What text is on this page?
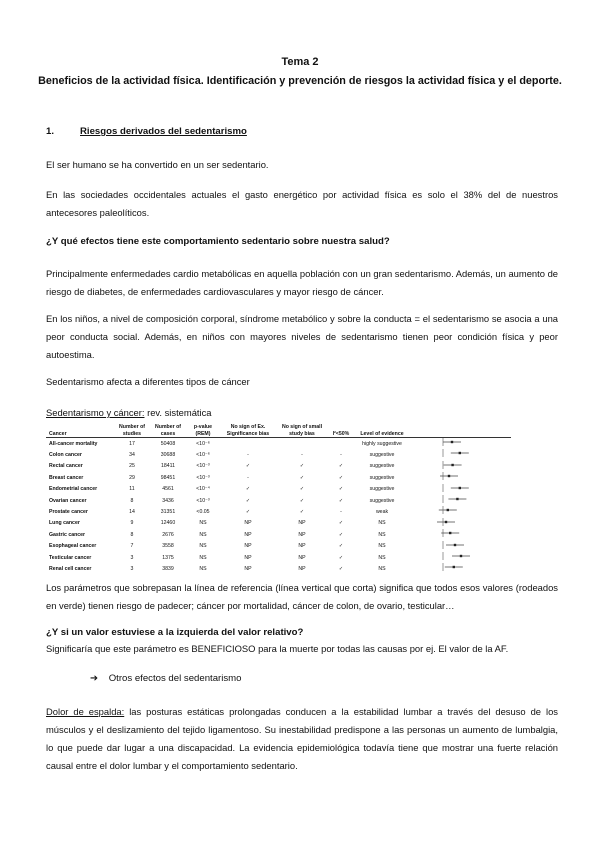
Tema 2
Beneficios de la actividad física. Identificación y prevención de riesgos la actividad física y el deporte.
1.	Riesgos derivados del sedentarismo
El ser humano se ha convertido en un ser sedentario.
En las sociedades occidentales actuales el gasto energético por actividad física es solo el 38% del de nuestros antecesores paleolíticos.
¿Y qué efectos tiene este comportamiento sedentario sobre nuestra salud?
Principalmente enfermedades cardio metabólicas en aquella población con un gran sedentarismo. Además, un aumento de riesgo de diabetes, de enfermedades cardiovasculares y mayor riesgo de cáncer.
En los niños, a nivel de composición corporal, síndrome metabólico y sobre la conducta = el sedentarismo se asocia a una peor conducta social. Además, en niños con mayores niveles de sedentarismo tienen peor condición física y peor autoestima.
Sedentarismo afecta a diferentes tipos de cáncer
Sedentarismo y cáncer: rev. sistemática
Cancer	Number of studies	Number of cases	p-value (REM)	No sign of Ex. Significance bias	No sign of small study bias	I²<50%	Level of evidence	
All-cancer mortality	17	50408	<10⁻⁶				highly suggestive	
Colon cancer	34	30688	<10⁻⁶	-	-	-	suggestive	
Rectal cancer	25	18411	<10⁻³	✓	✓	✓	suggestive	
Breast cancer	29	98451	<10⁻³	-	✓	✓	suggestive	
Endometrial cancer	11	4561	<10⁻⁴	✓	✓	✓	suggestive	
Ovarian cancer	8	3436	<10⁻³	✓	✓	✓	suggestive	
Prostate cancer	14	31351	<0.05	✓	✓	-	weak	
Lung cancer	9	12460	NS	NP	NP	✓	NS	
Gastric cancer	8	2676	NS	NP	NP	✓	NS	
Esophageal cancer	7	3558	NS	NP	NP	✓	NS	
Testicular cancer	3	1375	NS	NP	NP	✓	NS	
Renal cell cancer	3	3839	NS	NP	NP	✓	NS	
Los parámetros que sobrepasan la línea de referencia (línea vertical que corta) significa que todos esos valores (rodeados en verde) tienen riesgo de padecer; cáncer por mortalidad, cáncer de colon, de ovario, testicular…
¿Y si un valor estuviese a la izquierda del valor relativo?
Significaría que este parámetro es BENEFICIOSO para la muerte por todas las causas por ej. El valor de la AF.
➔ Otros efectos del sedentarismo
Dolor de espalda: las posturas estáticas prolongadas conducen a la estabilidad lumbar a través del desuso de los músculos y el deslizamiento del tejido ligamentoso. Su inestabilidad predispone a las personas un aumento de lumbalgia, lo que puede dar lugar a una discapacidad. La evidencia epidemiológica todavía tiene que mostrar una fuerte relación causal entre el dolor lumbar y el comportamiento sedentario.
